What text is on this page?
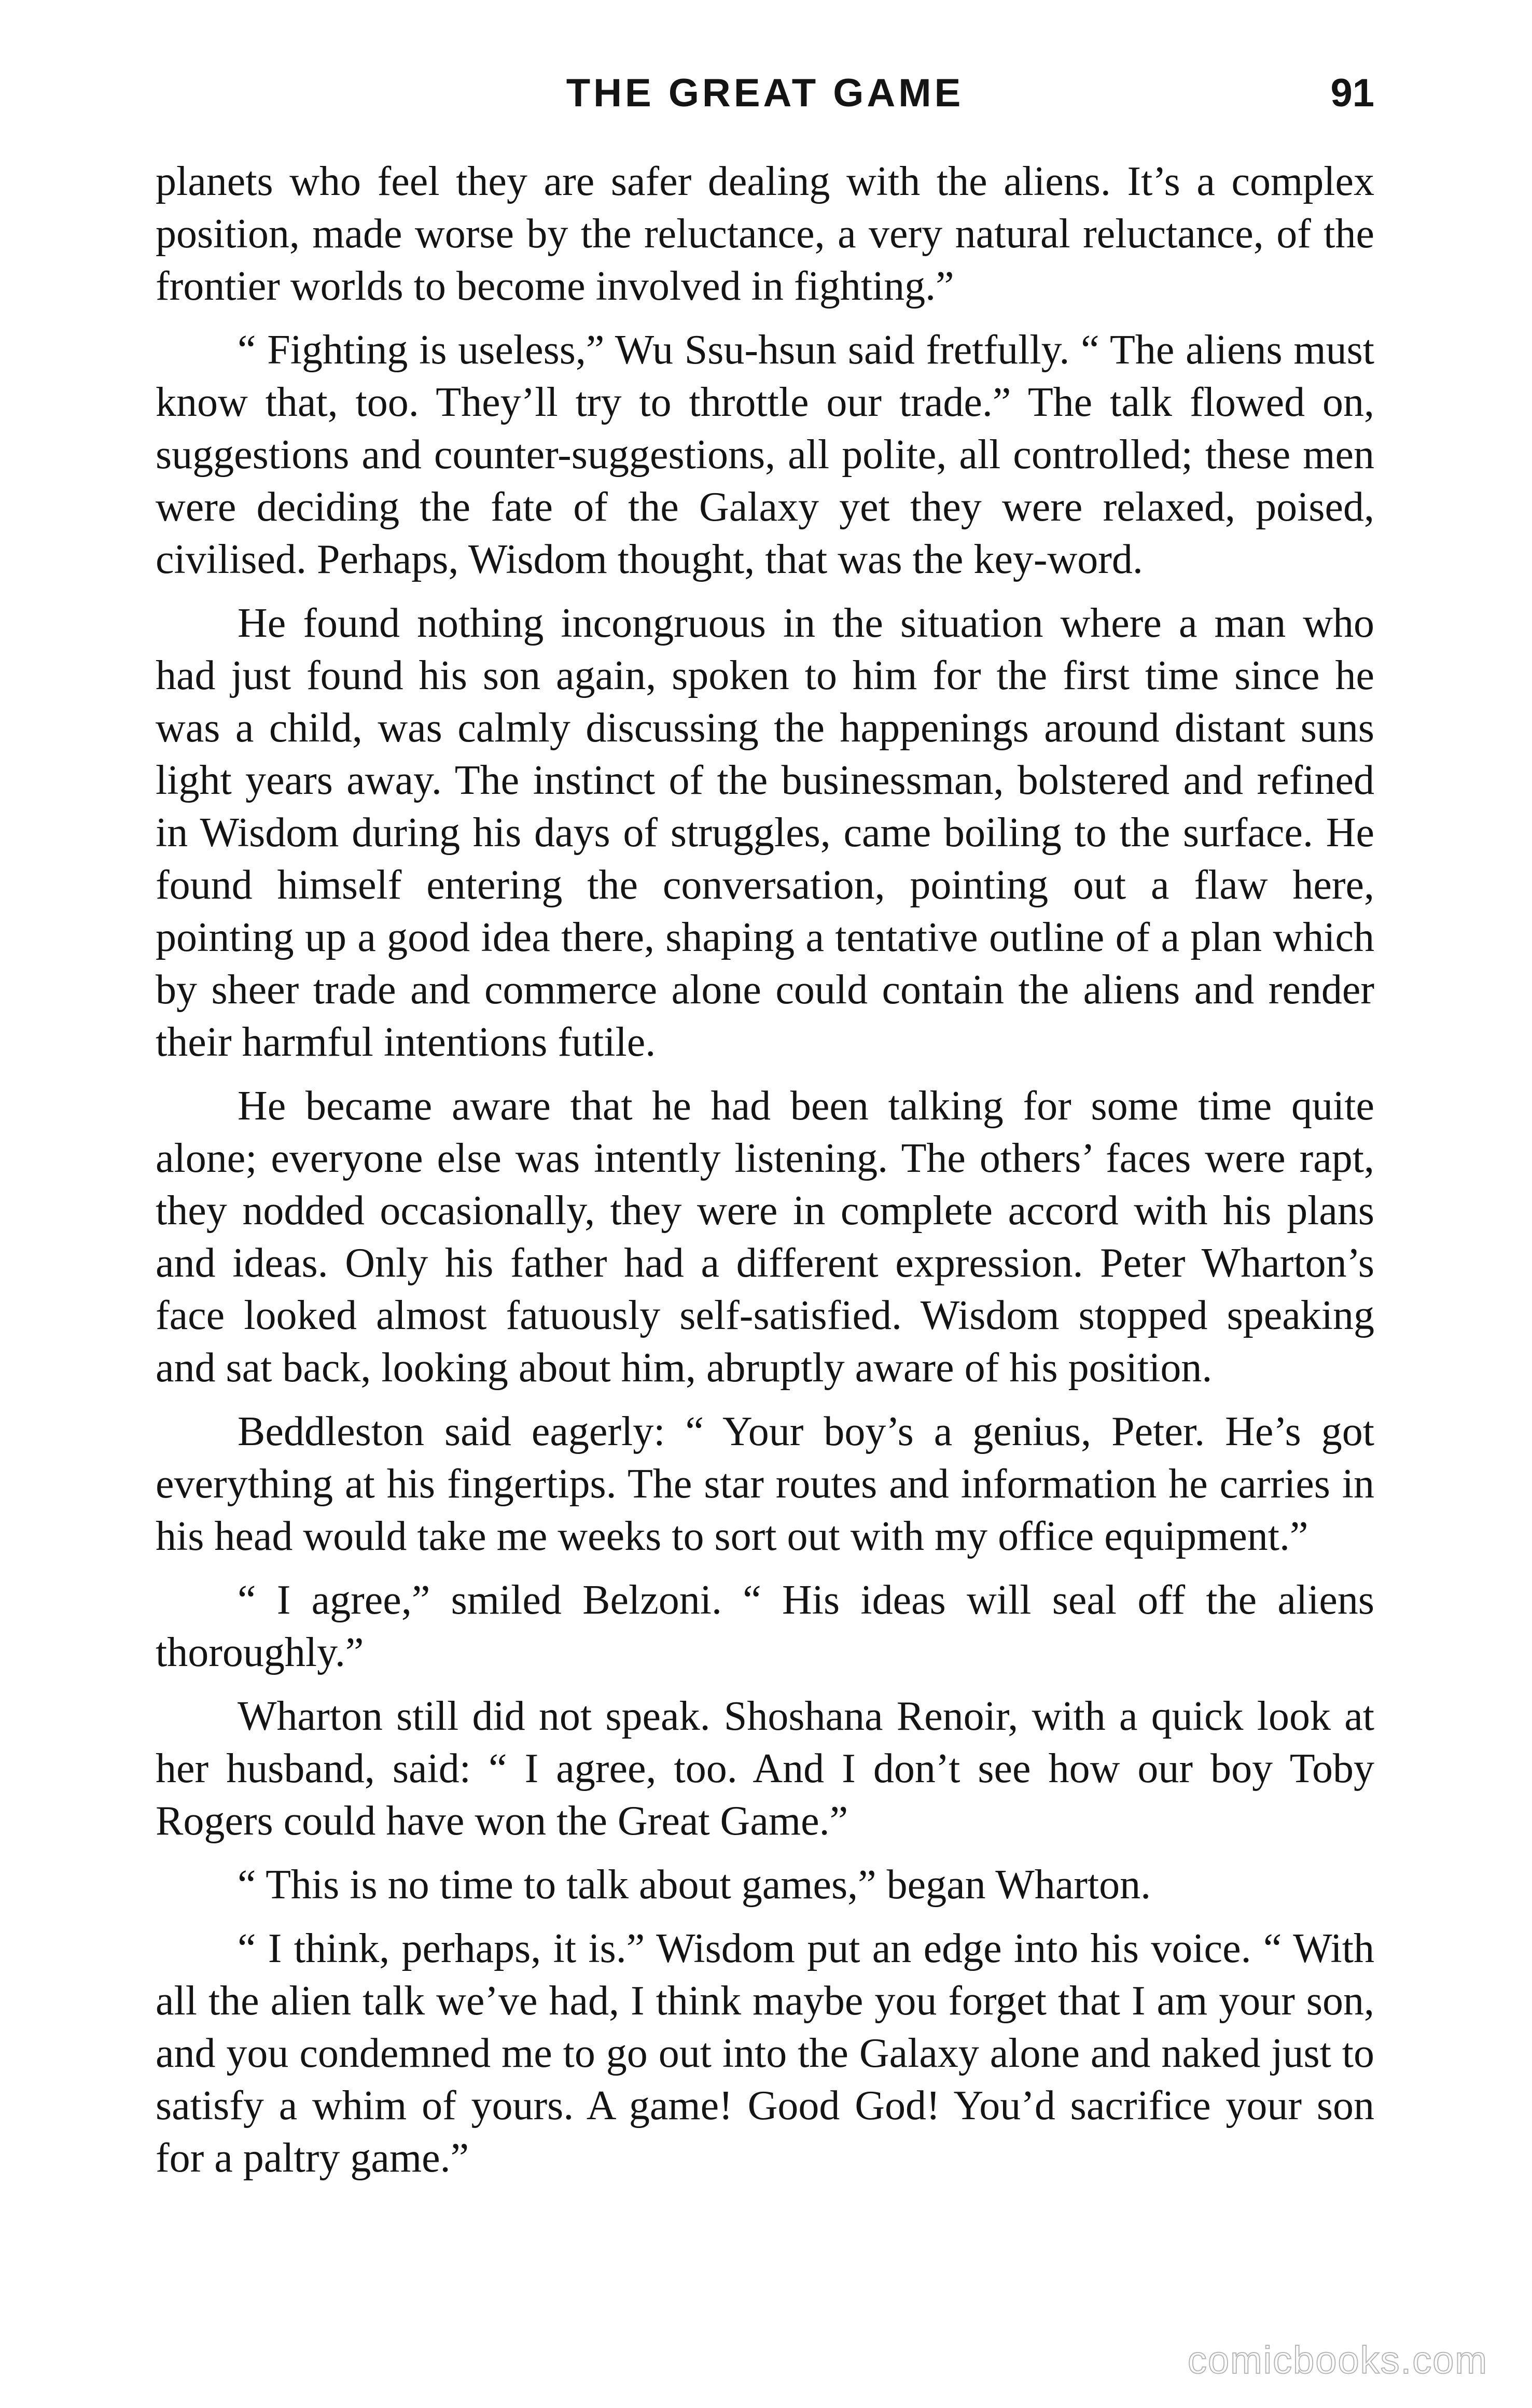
THE GREAT GAME	91

planets who feel they are safer dealing with the aliens. It’s a complex position, made worse by the reluctance, a very natural reluctance, of the frontier worlds to become involved in fighting.”

“ Fighting is useless,” Wu Ssu-hsun said fretfully. “ The aliens must know that, too. They’ll try to throttle our trade.” The talk flowed on, suggestions and counter-suggestions, all polite, all controlled; these men were deciding the fate of the Galaxy yet they were relaxed, poised, civilised. Perhaps, Wisdom thought, that was the key-word.

He found nothing incongruous in the situation where a man who had just found his son again, spoken to him for the first time since he was a child, was calmly discussing the happenings around distant suns light years away. The instinct of the businessman, bolstered and refined in Wisdom during his days of struggles, came boiling to the surface. He found himself entering the conversation, pointing out a flaw here, pointing up a good idea there, shaping a tentative outline of a plan which by sheer trade and commerce alone could contain the aliens and render their harmful intentions futile.

He became aware that he had been talking for some time quite alone; everyone else was intently listening. The others’ faces were rapt, they nodded occasionally, they were in complete accord with his plans and ideas. Only his father had a different expression. Peter Wharton’s face looked almost fatuously self-satisfied. Wisdom stopped speaking and sat back, looking about him, abruptly aware of his position.

Beddleston said eagerly: “ Your boy’s a genius, Peter. He’s got everything at his fingertips. The star routes and information he carries in his head would take me weeks to sort out with my office equipment.”

“ I agree,” smiled Belzoni. “ His ideas will seal off the aliens thoroughly.”

Wharton still did not speak. Shoshana Renoir, with a quick look at her husband, said: “ I agree, too. And I don’t see how our boy Toby Rogers could have won the Great Game.”

“ This is no time to talk about games,” began Wharton.

“ I think, perhaps, it is.” Wisdom put an edge into his voice. “ With all the alien talk we’ve had, I think maybe you forget that I am your son, and you condemned me to go out into the Galaxy alone and naked just to satisfy a whim of yours. A game! Good God! You’d sacrifice your son for a paltry game.”

comicbooks.com
